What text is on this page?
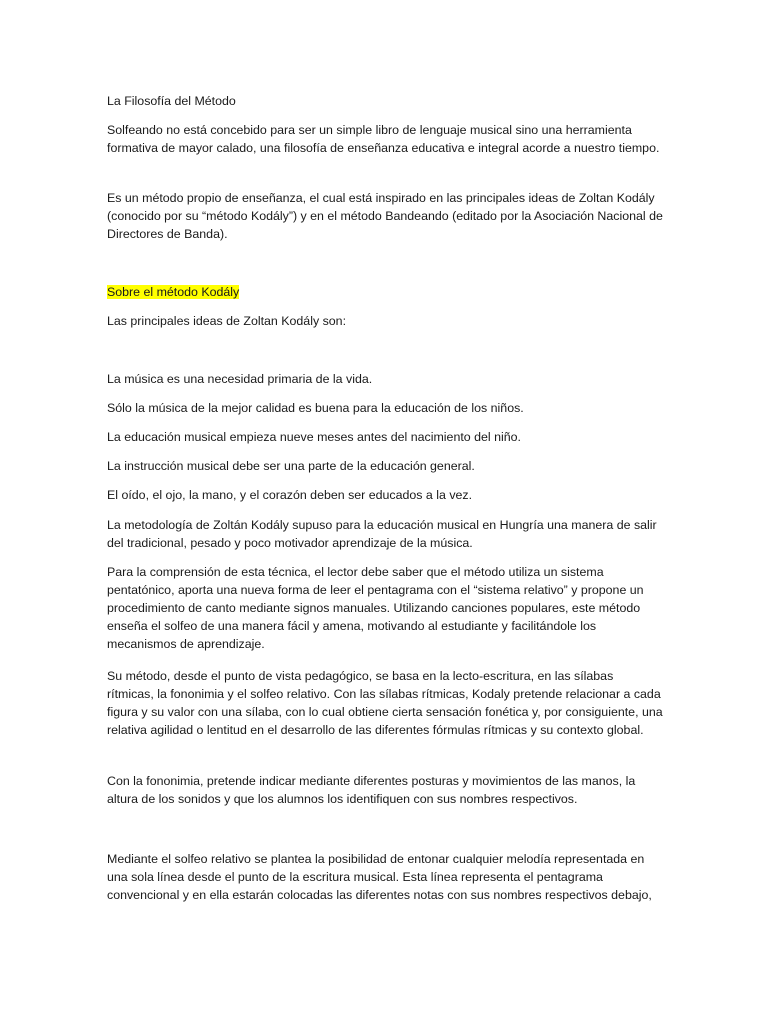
La Filosofía del Método

Solfeando no está concebido para ser un simple libro de lenguaje musical sino una herramienta formativa de mayor calado, una filosofía de enseñanza educativa e integral acorde a nuestro tiempo.

Es un método propio de enseñanza, el cual está inspirado en las principales ideas de Zoltan Kodály (conocido por su “método Kodály”) y en el método Bandeando (editado por la Asociación Nacional de Directores de Banda).

Sobre el método Kodály

Las principales ideas de Zoltan Kodály son:

La música es una necesidad primaria de la vida.

Sólo la música de la mejor calidad es buena para la educación de los niños.

La educación musical empieza nueve meses antes del nacimiento del niño.

La instrucción musical debe ser una parte de la educación general.

El oído, el ojo, la mano, y el corazón deben ser educados a la vez.

La metodología de Zoltán Kodály supuso para la educación musical en Hungría una manera de salir del tradicional, pesado y poco motivador aprendizaje de la música.

Para la comprensión de esta técnica, el lector debe saber que el método utiliza un sistema pentatónico, aporta una nueva forma de leer el pentagrama con el “sistema relativo” y propone un procedimiento de canto mediante signos manuales. Utilizando canciones populares, este método enseña el solfeo de una manera fácil y amena, motivando al estudiante y facilitándole los mecanismos de aprendizaje.

Su método, desde el punto de vista pedagógico, se basa en la lecto-escritura, en las sílabas rítmicas, la fononimia y el solfeo relativo. Con las sílabas rítmicas, Kodaly pretende relacionar a cada figura y su valor con una sílaba, con lo cual obtiene cierta sensación fonética y, por consiguiente, una relativa agilidad o lentitud en el desarrollo de las diferentes fórmulas rítmicas y su contexto global.

Con la fononimia, pretende indicar mediante diferentes posturas y movimientos de las manos, la altura de los sonidos y que los alumnos los identifiquen con sus nombres respectivos.

Mediante el solfeo relativo se plantea la posibilidad de entonar cualquier melodía representada en una sola línea desde el punto de la escritura musical. Esta línea representa el pentagrama convencional y en ella estarán colocadas las diferentes notas con sus nombres respectivos debajo,
